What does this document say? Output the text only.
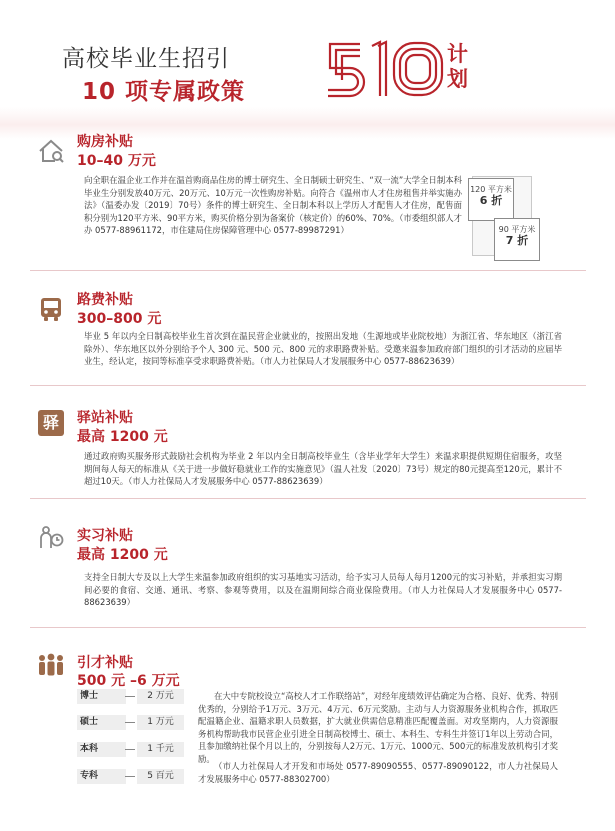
高校毕业生招引
10 项专属政策
计
划
购房补贴
10–40 万元
向全职在温企业工作并在温首购商品住房的博士研究生、全日制硕士研究生、“双一流”大学全日制本科毕业生分别发放40万元、20万元、10万元一次性购房补贴。向符合《温州市人才住房租售并举实施办法》（温委办发〔2019〕70号）条件的博士研究生、全日制本科以上学历人才配售人才住房，配售面积分别为120平方米、90平方米，购买价格分别为备案价（核定价）的60%、70%。（市委组织部人才办 0577-88961172，市住建局住房保障管理中心 0577-89987291）
120 平方米
6 折
90 平方米
7 折
路费补贴
300–800 元
毕业 5 年以内全日制高校毕业生首次到在温民营企业就业的，按照出发地（生源地或毕业院校地）为浙江省、华东地区（浙江省除外）、华东地区以外分别给予个人 300 元、500 元、800 元的求职路费补贴。受邀来温参加政府部门组织的引才活动的应届毕业生，经认定，按同等标准享受求职路费补贴。（市人力社保局人才发展服务中心 0577-88623639）
驿	驿站补贴
最高 1200 元
通过政府购买服务形式鼓励社会机构为毕业 2 年以内全日制高校毕业生（含毕业学年大学生）来温求职提供短期住宿服务，攻坚期间每人每天的标准从《关于进一步做好稳就业工作的实施意见》（温人社发〔2020〕73号）规定的80元提高至120元，累计不超过10天。（市人力社保局人才发展服务中心 0577-88623639）
实习补贴
最高 1200 元
支持全日制大专及以上大学生来温参加政府组织的实习基地实习活动，给予实习人员每人每月1200元的实习补贴，并承担实习期间必要的食宿、交通、通讯、考察、参观等费用，以及在温期间综合商业保险费用。（市人力社保局人才发展服务中心 0577-88623639）
引才补贴
500 元 –6 万元
博士	2 万元
硕士	1 万元
本科	1 千元
专科	5 百元
在大中专院校设立“高校人才工作联络站”，对经年度绩效评估确定为合格、良好、优秀、特别优秀的，分别给予1万元、3万元、4万元、6万元奖励。主动与人力资源服务业机构合作，抓取匹配温籍企业、温籍求职人员数据，扩大就业供需信息精准匹配覆盖面。对攻坚期内，人力资源服务机构帮助我市民营企业引进全日制高校博士、硕士、本科生、专科生并签订1年以上劳动合同，且参加缴纳社保个月以上的，分别按每人2万元、1万元、1000元、500元的标准发放机构引才奖励。
（市人力社保局人才开发和市场处 0577-89090555、0577-89090122，市人力社保局人才发展服务中心 0577-88302700）
